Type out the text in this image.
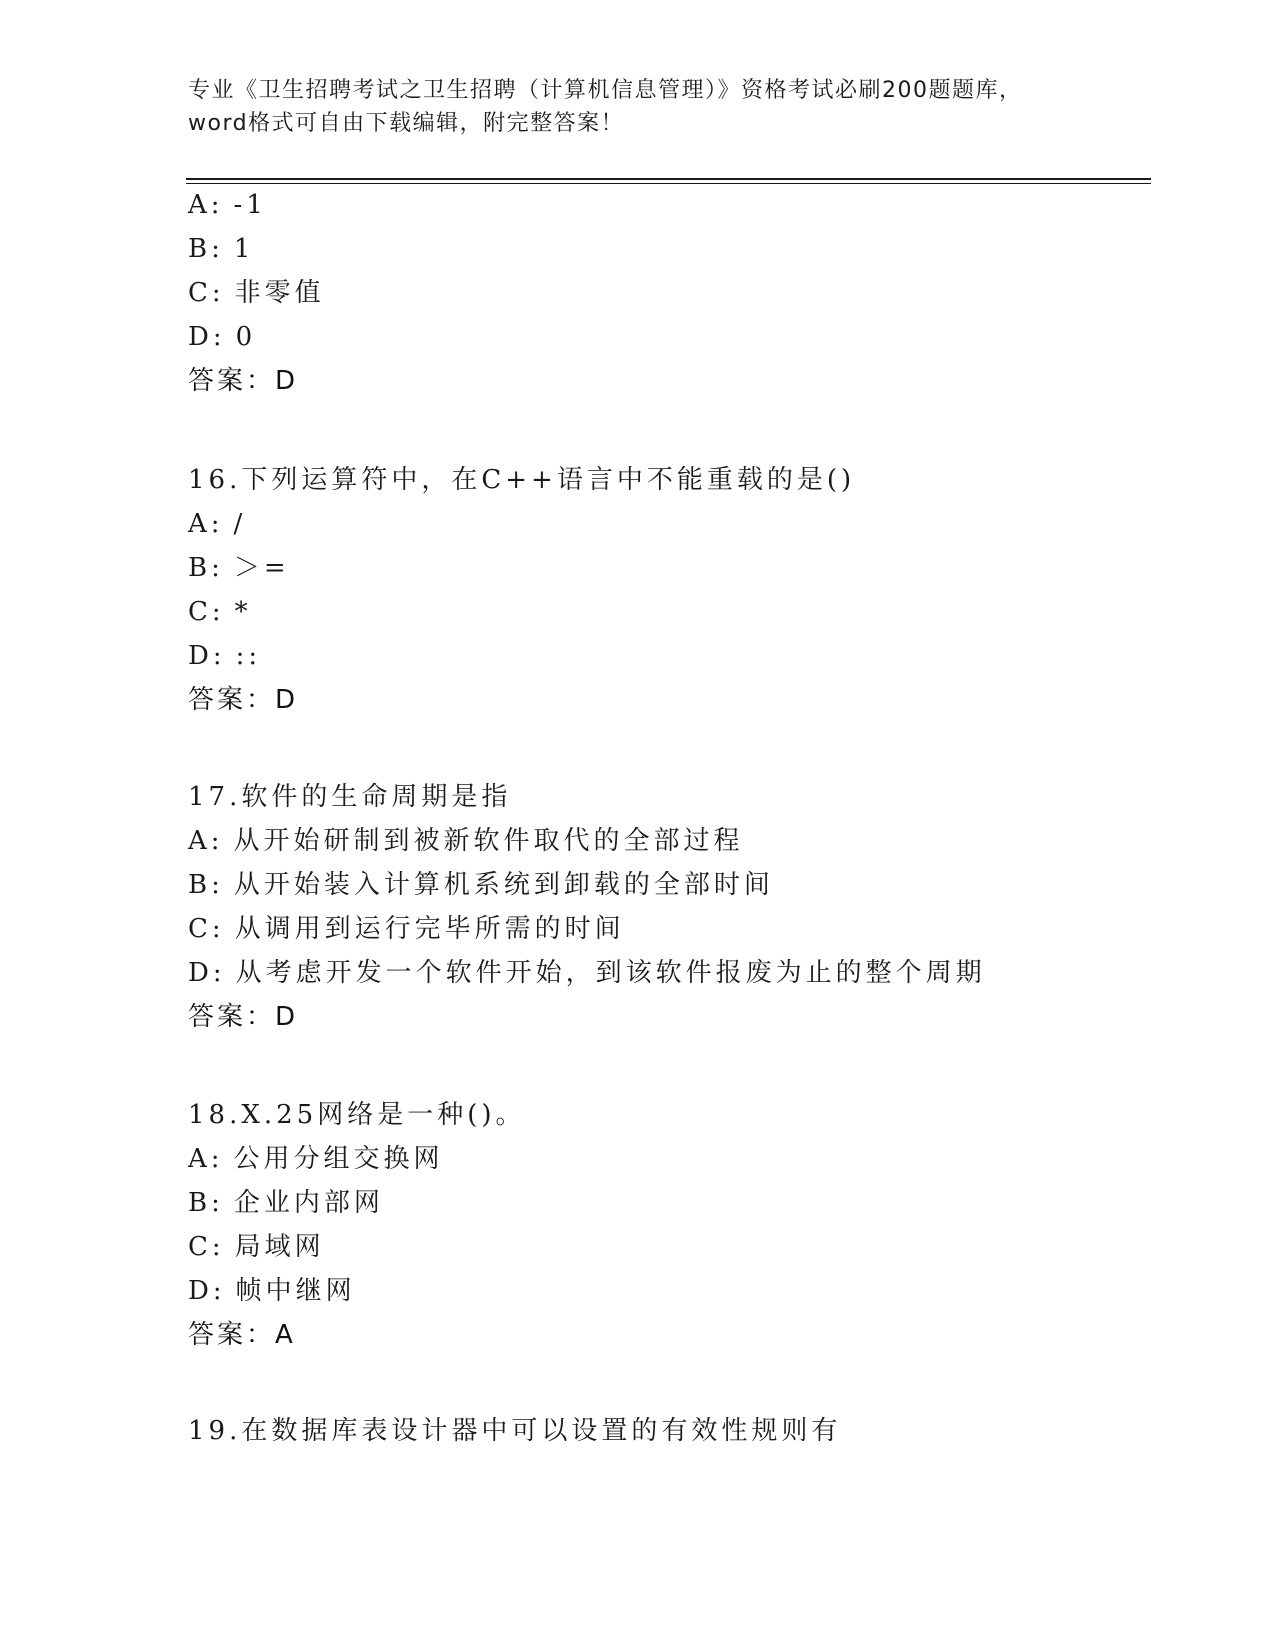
专业《卫生招聘考试之卫生招聘（计算机信息管理）》资格考试必刷200题题库，
word格式可自由下载编辑，附完整答案！
A: -1
B: 1
C: 非零值
D: 0
答案：D
16.下列运算符中，在C++语言中不能重载的是()
A: /
B: ＞=
C: *
D: ::
答案：D
17.软件的生命周期是指
A: 从开始研制到被新软件取代的全部过程
B: 从开始装入计算机系统到卸载的全部时间
C: 从调用到运行完毕所需的时间
D: 从考虑开发一个软件开始，到该软件报废为止的整个周期
答案：D
18.X.25网络是一种()。
A: 公用分组交换网
B: 企业内部网
C: 局域网
D: 帧中继网
答案：A
19.在数据库表设计器中可以设置的有效性规则有
